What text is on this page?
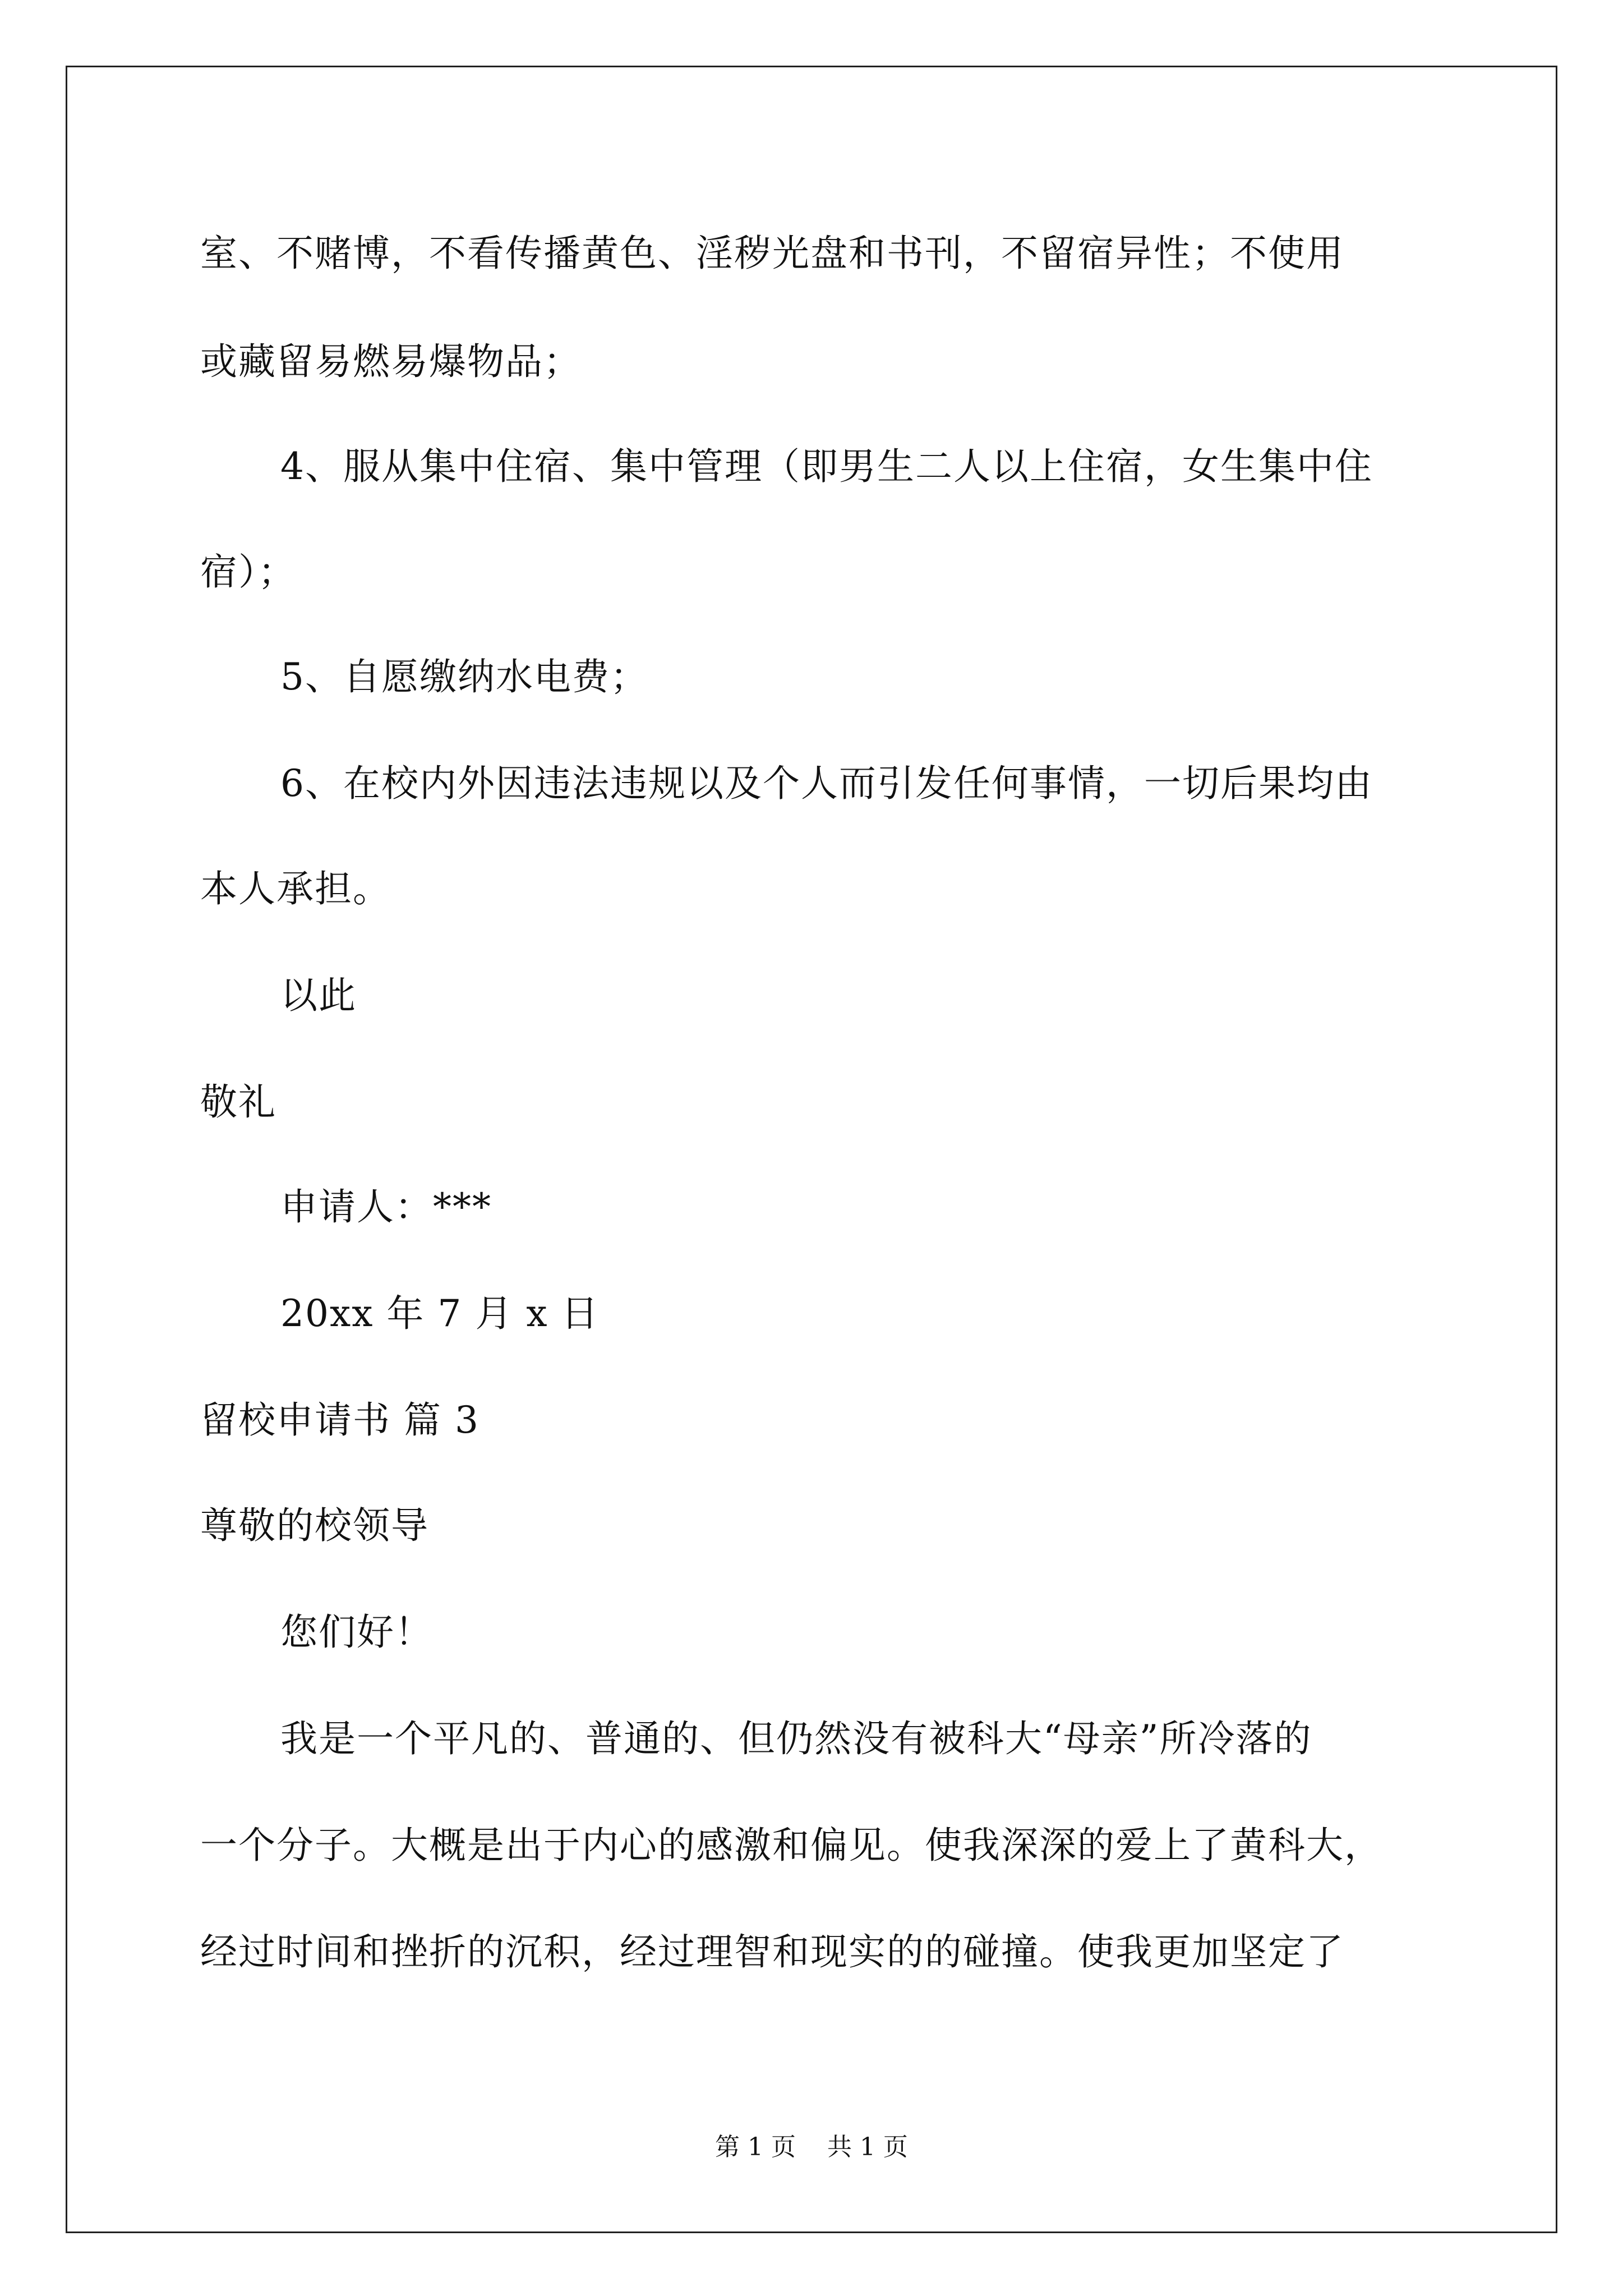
室、不赌博，不看传播黄色、淫秽光盘和书刊，不留宿异性；不使用
或藏留易燃易爆物品；
4、服从集中住宿、集中管理（即男生二人以上住宿，女生集中住
宿）；
5、自愿缴纳水电费；
6、在校内外因违法违规以及个人而引发任何事情，一切后果均由
本人承担。
以此
敬礼
申请人：***
20xx 年 7 月 x 日
留校申请书 篇 3
尊敬的校领导
您们好！
我是一个平凡的、普通的、但仍然没有被科大“母亲”所冷落的
一个分子。大概是出于内心的感激和偏见。使我深深的爱上了黄科大，
经过时间和挫折的沉积，经过理智和现实的的碰撞。使我更加坚定了
第 1 页    共 1 页
